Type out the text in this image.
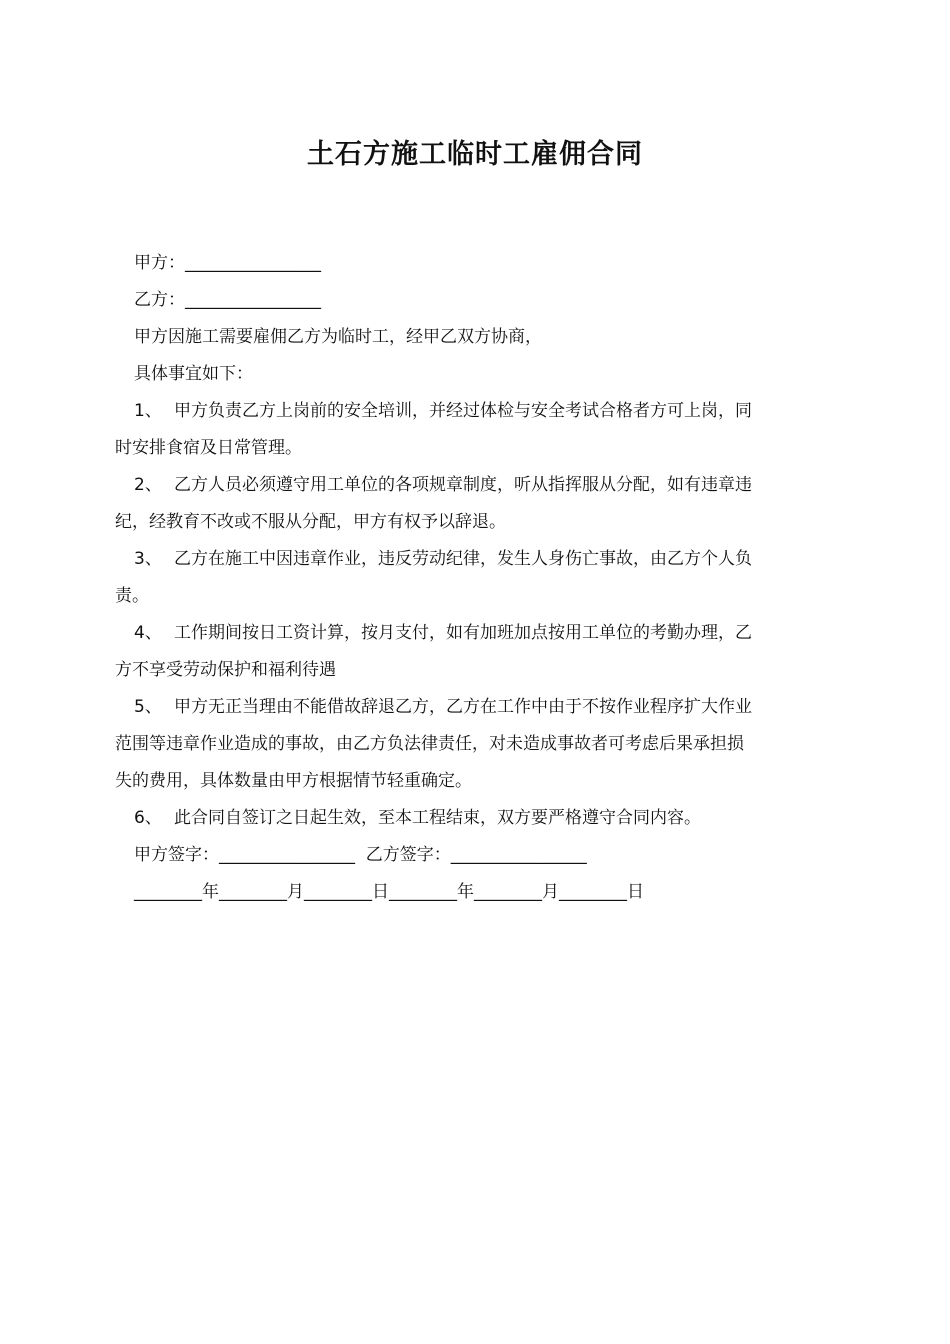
土石方施工临时工雇佣合同
甲方：________________
乙方：________________
甲方因施工需要雇佣乙方为临时工，经甲乙双方协商，
具体事宜如下：
1、 甲方负责乙方上岗前的安全培训，并经过体检与安全考试合格者方可上岗，同
时安排食宿及日常管理。
2、 乙方人员必须遵守用工单位的各项规章制度，听从指挥服从分配，如有违章违
纪，经教育不改或不服从分配，甲方有权予以辞退。
3、 乙方在施工中因违章作业，违反劳动纪律，发生人身伤亡事故，由乙方个人负
责。
4、 工作期间按日工资计算，按月支付，如有加班加点按用工单位的考勤办理，乙
方不享受劳动保护和福利待遇
5、 甲方无正当理由不能借故辞退乙方，乙方在工作中由于不按作业程序扩大作业
范围等违章作业造成的事故，由乙方负法律责任，对未造成事故者可考虑后果承担损
失的费用，具体数量由甲方根据情节轻重确定。
6、 此合同自签订之日起生效，至本工程结束，双方要严格遵守合同内容。
甲方签字：________________  乙方签字：________________
________年________月________日________年________月________日
